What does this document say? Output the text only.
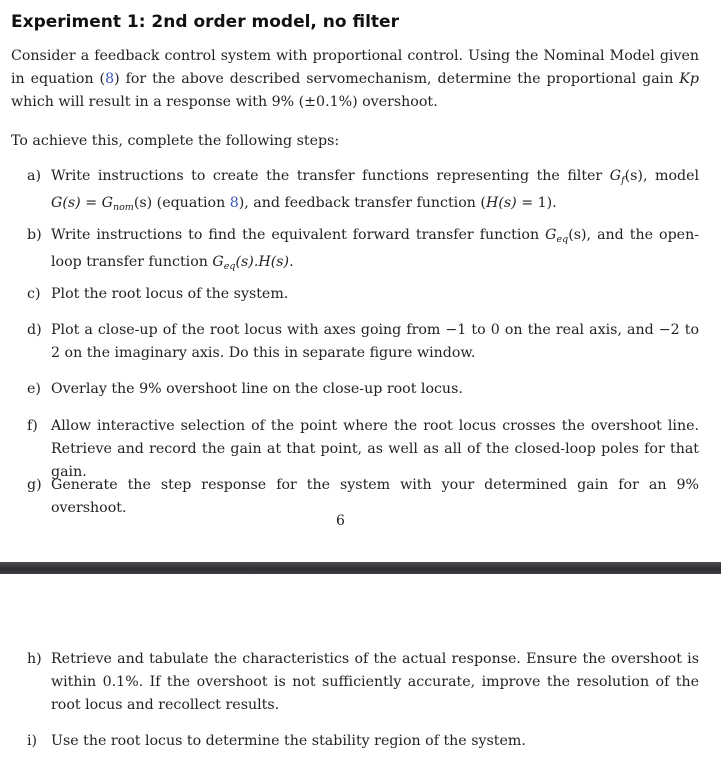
Experiment 1: 2nd order model, no filter
Consider a feedback control system with proportional control. Using the Nominal Model given in equation (8) for the above described servomechanism, determine the proportional gain Kp which will result in a response with 9% (±0.1%) overshoot.
To achieve this, complete the following steps:
a) Write instructions to create the transfer functions representing the filter $G_f(s)$, model $G(s) = G_{nom}(s)$ (equation 8), and feedback transfer function (H(s) = 1).
b) Write instructions to find the equivalent forward transfer function $G_{eq}(s)$, and the open-loop transfer function $G_{eq}(s).H(s)$.
c) Plot the root locus of the system.
d) Plot a close-up of the root locus with axes going from −1 to 0 on the real axis, and −2 to 2 on the imaginary axis. Do this in separate figure window.
e) Overlay the 9% overshoot line on the close-up root locus.
f) Allow interactive selection of the point where the root locus crosses the overshoot line. Retrieve and record the gain at that point, as well as all of the closed-loop poles for that gain.
g) Generate the step response for the system with your determined gain for an 9% overshoot.
6
h) Retrieve and tabulate the characteristics of the actual response. Ensure the overshoot is within 0.1%. If the overshoot is not sufficiently accurate, improve the resolution of the root locus and recollect results.
i) Use the root locus to determine the stability region of the system.
